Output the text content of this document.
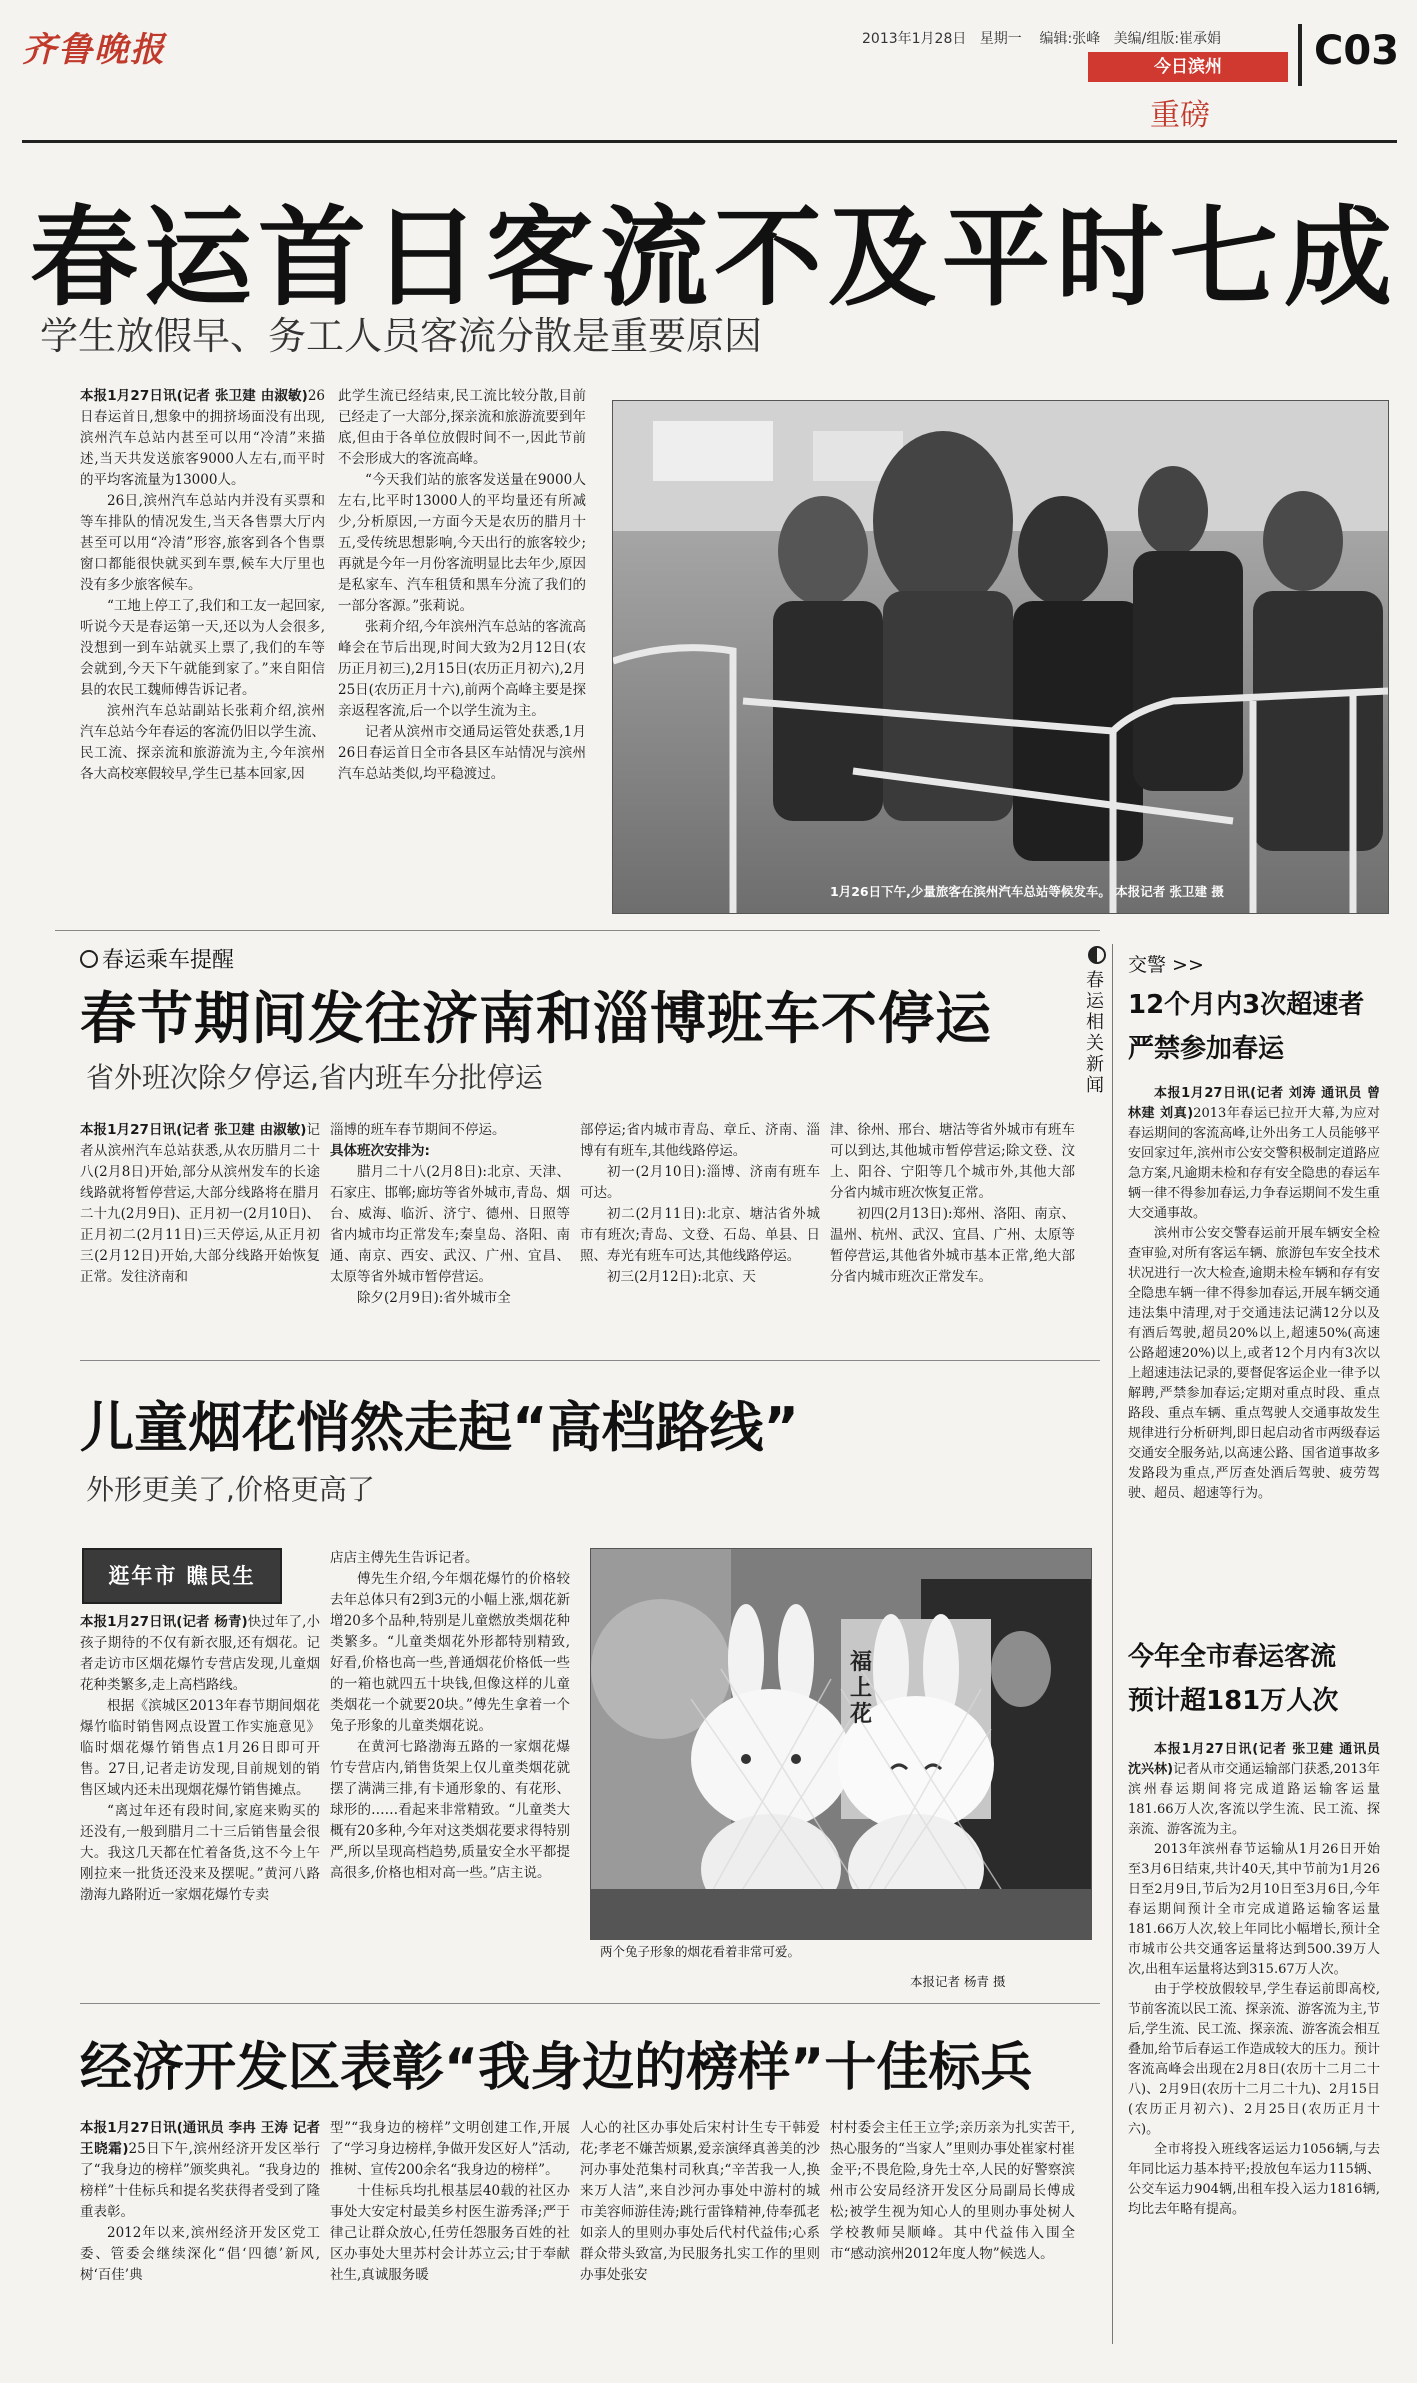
齐鲁晚报	2013年1月28日 星期一 编辑:张峰 美编/组版:崔承娟
今日滨州
重磅
C03
春运首日客流不及平时七成
学生放假早、务工人员客流分散是重要原因

本报1月27日讯(记者 张卫建 由淑敏)26日春运首日,想象中的拥挤场面没有出现,滨州汽车总站内甚至可以用“冷清”来描述,当天共发送旅客9000人左右,而平时的平均客流量为13000人。

26日,滨州汽车总站内并没有买票和等车排队的情况发生,当天各售票大厅内甚至可以用“冷清”形容,旅客到各个售票窗口都能很快就买到车票,候车大厅里也没有多少旅客候车。

“工地上停工了,我们和工友一起回家,听说今天是春运第一天,还以为人会很多,没想到一到车站就买上票了,我们的车等会就到,今天下午就能到家了。”来自阳信县的农民工魏师傅告诉记者。

滨州汽车总站副站长张莉介绍,滨州汽车总站今年春运的客流仍旧以学生流、民工流、探亲流和旅游流为主,今年滨州各大高校寒假较早,学生已基本回家,因

此学生流已经结束,民工流比较分散,目前已经走了一大部分,探亲流和旅游流要到年底,但由于各单位放假时间不一,因此节前不会形成大的客流高峰。

“今天我们站的旅客发送量在9000人左右,比平时13000人的平均量还有所减少,分析原因,一方面今天是农历的腊月十五,受传统思想影响,今天出行的旅客较少;再就是今年一月份客流明显比去年少,原因是私家车、汽车租赁和黑车分流了我们的一部分客源。”张莉说。

张莉介绍,今年滨州汽车总站的客流高峰会在节后出现,时间大致为2月12日(农历正月初三),2月15日(农历正月初六),2月25日(农历正月十六),前两个高峰主要是探亲返程客流,后一个以学生流为主。

记者从滨州市交通局运管处获悉,1月26日春运首日全市各县区车站情况与滨州汽车总站类似,均平稳渡过。

1月26日下午,少量旅客在滨州汽车总站等候发车。 本报记者 张卫建 摄
春运乘车提醒
春节期间发往济南和淄博班车不停运
省外班次除夕停运,省内班车分批停运

本报1月27日讯(记者 张卫建 由淑敏)记者从滨州汽车总站获悉,从农历腊月二十八(2月8日)开始,部分从滨州发车的长途线路就将暂停营运,大部分线路将在腊月二十九(2月9日)、正月初一(2月10日)、正月初二(2月11日)三天停运,从正月初三(2月12日)开始,大部分线路开始恢复正常。发往济南和

淄博的班车春节期间不停运。

具体班次安排为:

腊月二十八(2月8日):北京、天津、石家庄、邯郸;廊坊等省外城市,青岛、烟台、威海、临沂、济宁、德州、日照等省内城市均正常发车;秦皇岛、洛阳、南通、南京、西安、武汉、广州、宜昌、太原等省外城市暂停营运。

除夕(2月9日):省外城市全

部停运;省内城市青岛、章丘、济南、淄博有有班车,其他线路停运。

初一(2月10日):淄博、济南有班车可达。

初二(2月11日):北京、塘沽省外城市有班次;青岛、文登、石岛、单县、日照、寿光有班车可达,其他线路停运。

初三(2月12日):北京、天

津、徐州、邢台、塘沽等省外城市有班车可以到达,其他城市暂停营运;除文登、汶上、阳谷、宁阳等几个城市外,其他大部分省内城市班次恢复正常。

初四(2月13日):郑州、洛阳、南京、温州、杭州、武汉、宜昌、广州、太原等暂停营运,其他省外城市基本正常,绝大部分省内城市班次正常发车。

春运相关新闻
交警 >>
12个月内3次超速者
严禁参加春运

本报1月27日讯(记者 刘涛 通讯员 曾林建 刘真)2013年春运已拉开大幕,为应对春运期间的客流高峰,让外出务工人员能够平安回家过年,滨州市公安交警积极制定道路应急方案,凡逾期未检和存有安全隐患的春运车辆一律不得参加春运,力争春运期间不发生重大交通事故。

滨州市公安交警春运前开展车辆安全检查审验,对所有客运车辆、旅游包车安全技术状况进行一次大检查,逾期未检车辆和存有安全隐患车辆一律不得参加春运,开展车辆交通违法集中清理,对于交通违法记满12分以及有酒后驾驶,超员20%以上,超速50%(高速公路超速20%)以上,或者12个月内有3次以上超速违法记录的,要督促客运企业一律予以解聘,严禁参加春运;定期对重点时段、重点路段、重点车辆、重点驾驶人交通事故发生规律进行分析研判,即日起启动省市两级春运交通安全服务站,以高速公路、国省道事故多发路段为重点,严厉查处酒后驾驶、疲劳驾驶、超员、超速等行为。

今年全市春运客流
预计超181万人次

本报1月27日讯(记者 张卫建 通讯员 沈兴林)记者从市交通运输部门获悉,2013年滨州春运期间将完成道路运输客运量181.66万人次,客流以学生流、民工流、探亲流、游客流为主。

2013年滨州春节运输从1月26日开始至3月6日结束,共计40天,其中节前为1月26日至2月9日,节后为2月10日至3月6日,今年春运期间预计全市完成道路运输客运量181.66万人次,较上年同比小幅增长,预计全市城市公共交通客运量将达到500.39万人次,出租车运量将达到315.67万人次。

由于学校放假较早,学生春运前即高校,节前客流以民工流、探亲流、游客流为主,节后,学生流、民工流、探亲流、游客流会相互叠加,给节后春运工作造成较大的压力。预计客流高峰会出现在2月8日(农历十二月二十八)、2月9日(农历十二月二十九)、2月15日(农历正月初六)、2月25日(农历正月十六)。

全市将投入班线客运运力1056辆,与去年同比运力基本持平;投放包车运力115辆、公交车运力904辆,出租车投入运力1816辆,均比去年略有提高。

儿童烟花悄然走起“高档路线”
外形更美了,价格更高了
逛年市 瞧民生

本报1月27日讯(记者 杨青)快过年了,小孩子期待的不仅有新衣服,还有烟花。记者走访市区烟花爆竹专营店发现,儿童烟花种类繁多,走上高档路线。

根据《滨城区2013年春节期间烟花爆竹临时销售网点设置工作实施意见》临时烟花爆竹销售点1月26日即可开售。27日,记者走访发现,目前规划的销售区域内还未出现烟花爆竹销售摊点。

“离过年还有段时间,家庭来购买的还没有,一般到腊月二十三后销售量会很大。我这几天都在忙着备货,这不今上午刚拉来一批货还没来及摆呢。”黄河八路渤海九路附近一家烟花爆竹专卖

店店主傅先生告诉记者。

傅先生介绍,今年烟花爆竹的价格较去年总体只有2到3元的小幅上涨,烟花新增20多个品种,特别是儿童燃放类烟花种类繁多。“儿童类烟花外形都特别精致,好看,价格也高一些,普通烟花价格低一些的一箱也就四五十块钱,但像这样的儿童类烟花一个就要20块。”傅先生拿着一个兔子形象的儿童类烟花说。

在黄河七路渤海五路的一家烟花爆竹专营店内,销售货架上仅儿童类烟花就摆了满满三排,有卡通形象的、有花形、球形的……看起来非常精致。“儿童类大概有20多种,今年对这类烟花要求得特别严,所以呈现高档趋势,质量安全水平都提高很多,价格也相对高一些。”店主说。

福上花
两个兔子形象的烟花看着非常可爱。
本报记者 杨青 摄
经济开发区表彰“我身边的榜样”十佳标兵

本报1月27日讯(通讯员 李冉 王涛 记者 王晓霜)25日下午,滨州经济开发区举行了“我身边的榜样”颁奖典礼。“我身边的榜样”十佳标兵和提名奖获得者受到了隆重表彰。

2012年以来,滨州经济开发区党工委、管委会继续深化“倡‘四德’新风,树‘百佳’典

型”“我身边的榜样”文明创建工作,开展了“学习身边榜样,争做开发区好人”活动,推树、宣传200余名“我身边的榜样”。

十佳标兵均扎根基层40载的社区办事处大安定村最美乡村医生游秀泽;严于律己让群众放心,任劳任怨服务百姓的社区办事处大里苏村会计苏立云;甘于奉献社生,真诚服务暖

人心的社区办事处后宋村计生专干韩爱花;孝老不嫌苦烦累,爱亲演绎真善美的沙河办事处范集村司秋真;“辛苦我一人,换来万人洁”,来自沙河办事处中游村的城市美容师游佳涛;跳行雷锋精神,侍奉孤老如亲人的里则办事处后代村代益伟;心系群众带头致富,为民服务扎实工作的里则办事处张安

村村委会主任王立学;亲历亲为扎实苦干,热心服务的“当家人”里则办事处崔家村崔金平;不畏危险,身先士卒,人民的好警察滨州市公安局经济开发区分局副局长傅成松;被学生视为知心人的里则办事处树人学校教师吴顺峰。其中代益伟入围全市“感动滨州2012年度人物”候选人。
